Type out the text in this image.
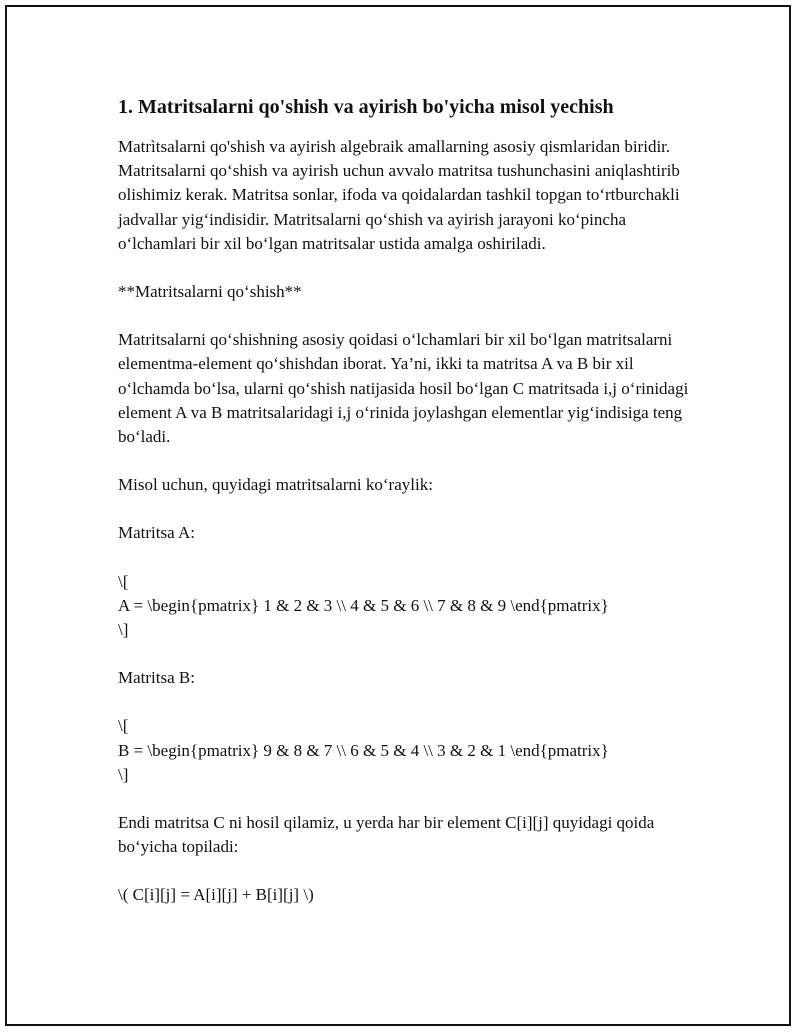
1. Matritsalarni qo'shish va ayirish bo'yicha misol yechish
Matrìtsalarni qo'shish va ayirish algebraik amallarning asosiy qismlaridan biridir. Matritsalarni qo‘shish va ayirish uchun avvalo matritsa tushunchasini aniqlashtirib olishimiz kerak. Matritsa sonlar, ifoda va qoidalardan tashkil topgan to‘rtburchakli jadvallar yig‘indisidir. Matritsalarni qo‘shish va ayirish jarayoni ko‘pincha o‘lchamlari bir xil bo‘lgan matritsalar ustida amalga oshiriladi.
**Matritsalarni qo‘shish**
Matritsalarni qo‘shishning asosiy qoidasi o‘lchamlari bir xil bo‘lgan matritsalarni elementma-element qo‘shishdan iborat. Ya’ni, ikki ta matritsa A va B bir xil o‘lchamda bo‘lsa, ularni qo‘shish natijasida hosil bo‘lgan C matritsada i,j o‘rinidagi element A va B matritsalaridagi i,j o‘rinida joylashgan elementlar yig‘indisiga teng bo‘ladi.
Misol uchun, quyidagi matritsalarni ko‘raylik:
Matritsa A:
\[
A = \begin{pmatrix} 1 & 2 & 3 \\ 4 & 5 & 6 \\ 7 & 8 & 9 \end{pmatrix}
\]
Matritsa B:
\[
B = \begin{pmatrix} 9 & 8 & 7 \\ 6 & 5 & 4 \\ 3 & 2 & 1 \end{pmatrix}
\]
Endi matritsa C ni hosil qilamiz, u yerda har bir element C[i][j] quyidagi qoida bo‘yicha topiladi:
\( C[i][j] = A[i][j] + B[i][j] \)
